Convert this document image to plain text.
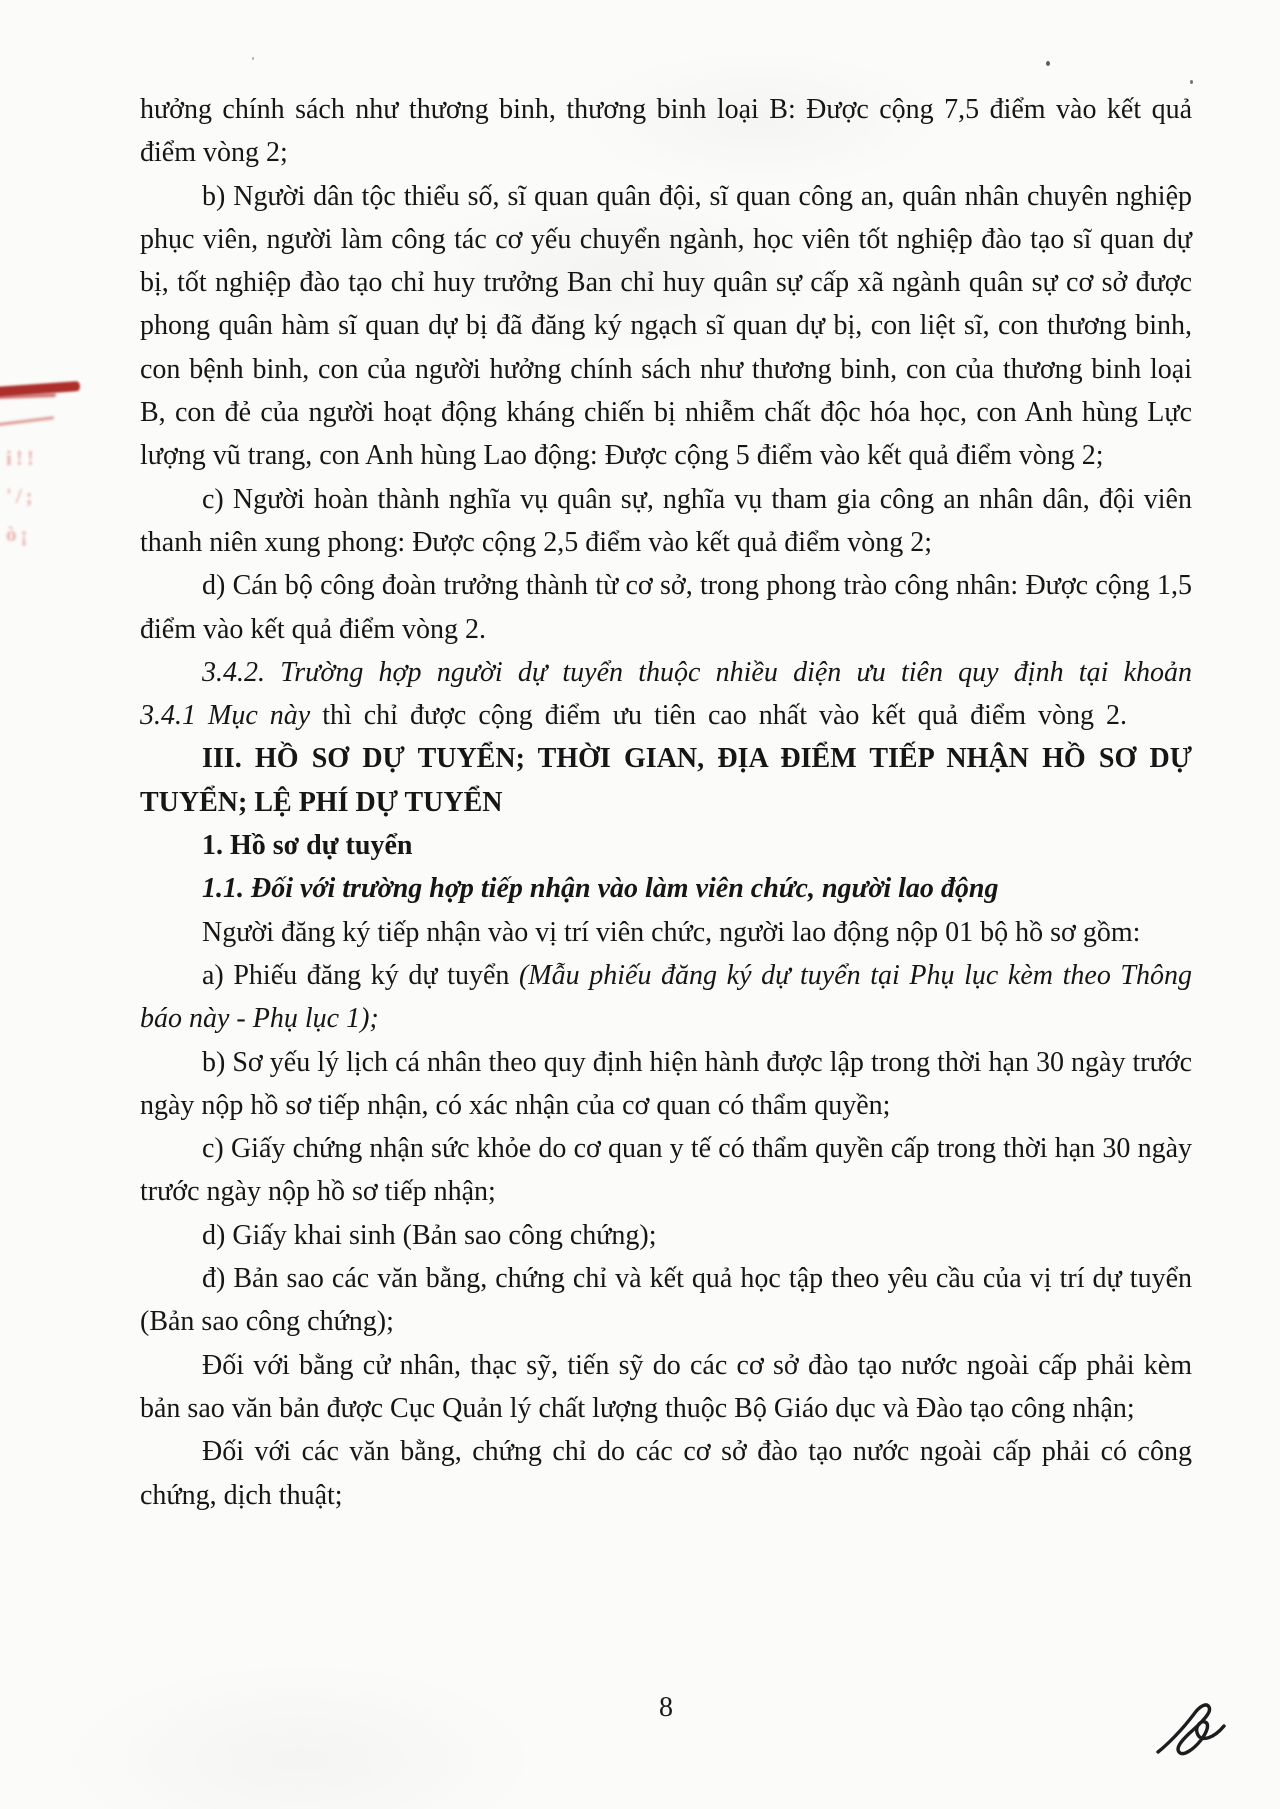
i!!
'/;
ò¡

hưởng chính sách như thương binh, thương binh loại B: Được cộng 7,5 điểm vào kết quả điểm vòng 2;

b) Người dân tộc thiểu số, sĩ quan quân đội, sĩ quan công an, quân nhân chuyên nghiệp phục viên, người làm công tác cơ yếu chuyển ngành, học viên tốt nghiệp đào tạo sĩ quan dự bị, tốt nghiệp đào tạo chỉ huy trưởng Ban chỉ huy quân sự cấp xã ngành quân sự cơ sở được phong quân hàm sĩ quan dự bị đã đăng ký ngạch sĩ quan dự bị, con liệt sĩ, con thương binh, con bệnh binh, con của người hưởng chính sách như thương binh, con của thương binh loại B, con đẻ của người hoạt động kháng chiến bị nhiễm chất độc hóa học, con Anh hùng Lực lượng vũ trang, con Anh hùng Lao động: Được cộng 5 điểm vào kết quả điểm vòng 2;

c) Người hoàn thành nghĩa vụ quân sự, nghĩa vụ tham gia công an nhân dân, đội viên thanh niên xung phong: Được cộng 2,5 điểm vào kết quả điểm vòng 2;

d) Cán bộ công đoàn trưởng thành từ cơ sở, trong phong trào công nhân: Được cộng 1,5 điểm vào kết quả điểm vòng 2.

3.4.2. Trường hợp người dự tuyển thuộc nhiều diện ưu tiên quy định tại khoản 3.4.1 Mục này thì chỉ được cộng điểm ưu tiên cao nhất vào kết quả điểm vòng 2.

III. HỒ SƠ DỰ TUYỂN; THỜI GIAN, ĐỊA ĐIỂM TIẾP NHẬN HỒ SƠ DỰ TUYỂN; LỆ PHÍ DỰ TUYỂN

1. Hồ sơ dự tuyển

1.1. Đối với trường hợp tiếp nhận vào làm viên chức, người lao động

Người đăng ký tiếp nhận vào vị trí viên chức, người lao động nộp 01 bộ hồ sơ gồm:

a) Phiếu đăng ký dự tuyển (Mẫu phiếu đăng ký dự tuyển tại Phụ lục kèm theo Thông báo này - Phụ lục 1);

b) Sơ yếu lý lịch cá nhân theo quy định hiện hành được lập trong thời hạn 30 ngày trước ngày nộp hồ sơ tiếp nhận, có xác nhận của cơ quan có thẩm quyền;

c) Giấy chứng nhận sức khỏe do cơ quan y tế có thẩm quyền cấp trong thời hạn 30 ngày trước ngày nộp hồ sơ tiếp nhận;

d) Giấy khai sinh (Bản sao công chứng);

đ) Bản sao các văn bằng, chứng chỉ và kết quả học tập theo yêu cầu của vị trí dự tuyển (Bản sao công chứng);

Đối với bằng cử nhân, thạc sỹ, tiến sỹ do các cơ sở đào tạo nước ngoài cấp phải kèm bản sao văn bản được Cục Quản lý chất lượng thuộc Bộ Giáo dục và Đào tạo công nhận;

Đối với các văn bằng, chứng chỉ do các cơ sở đào tạo nước ngoài cấp phải có công chứng, dịch thuật;

8
